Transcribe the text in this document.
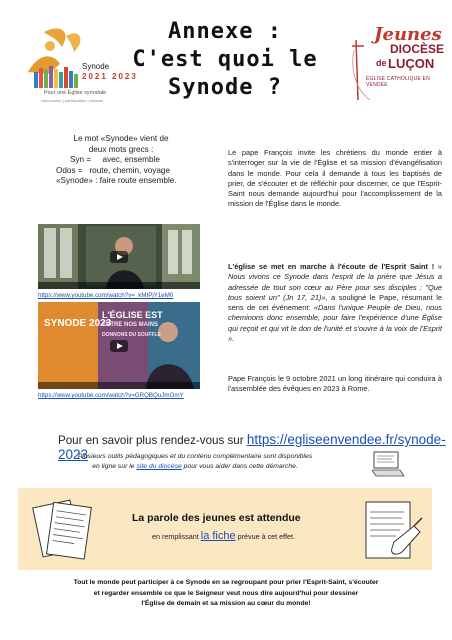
Synode
2021 2023
Pour une Église synodale
communion | participation | mission
Annexe :
C'est quoi le
Synode ?
Jeunes
DIOCÈSE
de LUÇON
ÉGLISE CATHOLIQUE EN VENDÉE
Le mot «Synode» vient de
deux mots grecs :
Syn =     avec, ensemble
Odos =   route, chemin, voyage
«Synode» : faire route ensemble.
Le pape François invite les chrétiens du monde entier à s'interroger sur la vie de l'Église et sa mission d'évangélisation dans le monde. Pour cela il demande à tous les baptisés de prier, de s'écouter et de réfléchir pour discerner, ce que l'Esprit-Saint nous demande aujourd'hui pour l'accomplissement de la mission de l'Église dans le monde.
https://www.youtube.com/watch?v=_kMIPjY1eM0
L'église se met en marche à l'écoute de l'Esprit Saint ! « Nous vivons ce Synode dans l'esprit de la prière que Jésus a adressée de tout son cœur au Père pour ses disciples : "Que tous soient un" (Jn 17, 21)», a souligné le Pape, résumant le sens de cet événement: «Dans l'unique Peuple de Dieu, nous cheminons donc ensemble, pour faire l'expérience d'une Église qui reçoit et qui vit le don de l'unité et s'ouvre à la voix de l'Esprit ».
SYNODE 2023
L'ÉGLISE EST
ENTRE NOS MAINS
DONNONS DU SOUFFLE
https://www.youtube.com/watch?v=GRQBQuJmOmY
Pape François le 9 octobre 2021 un long itinéraire qui conduira à l'assemblée des évêques en 2023 à Rome.
Pour en savoir plus rendez-vous sur https://egliseenvendee.fr/synode-2023
Plusieurs outils pédagogiques et du contenu complémentaire sont disponibles
en ligne sur le site du diocèse pour vous aider dans cette démarche.
La parole des jeunes est attendue
en remplissant la fiche prévue à cet effet.
Tout le monde peut participer à ce Synode en se regroupant pour prier l'Esprit-Saint, s'écouter
et regarder ensemble ce que le Seigneur veut nous dire aujourd'hui pour dessiner
l'Église de demain et sa mission au cœur du monde!
